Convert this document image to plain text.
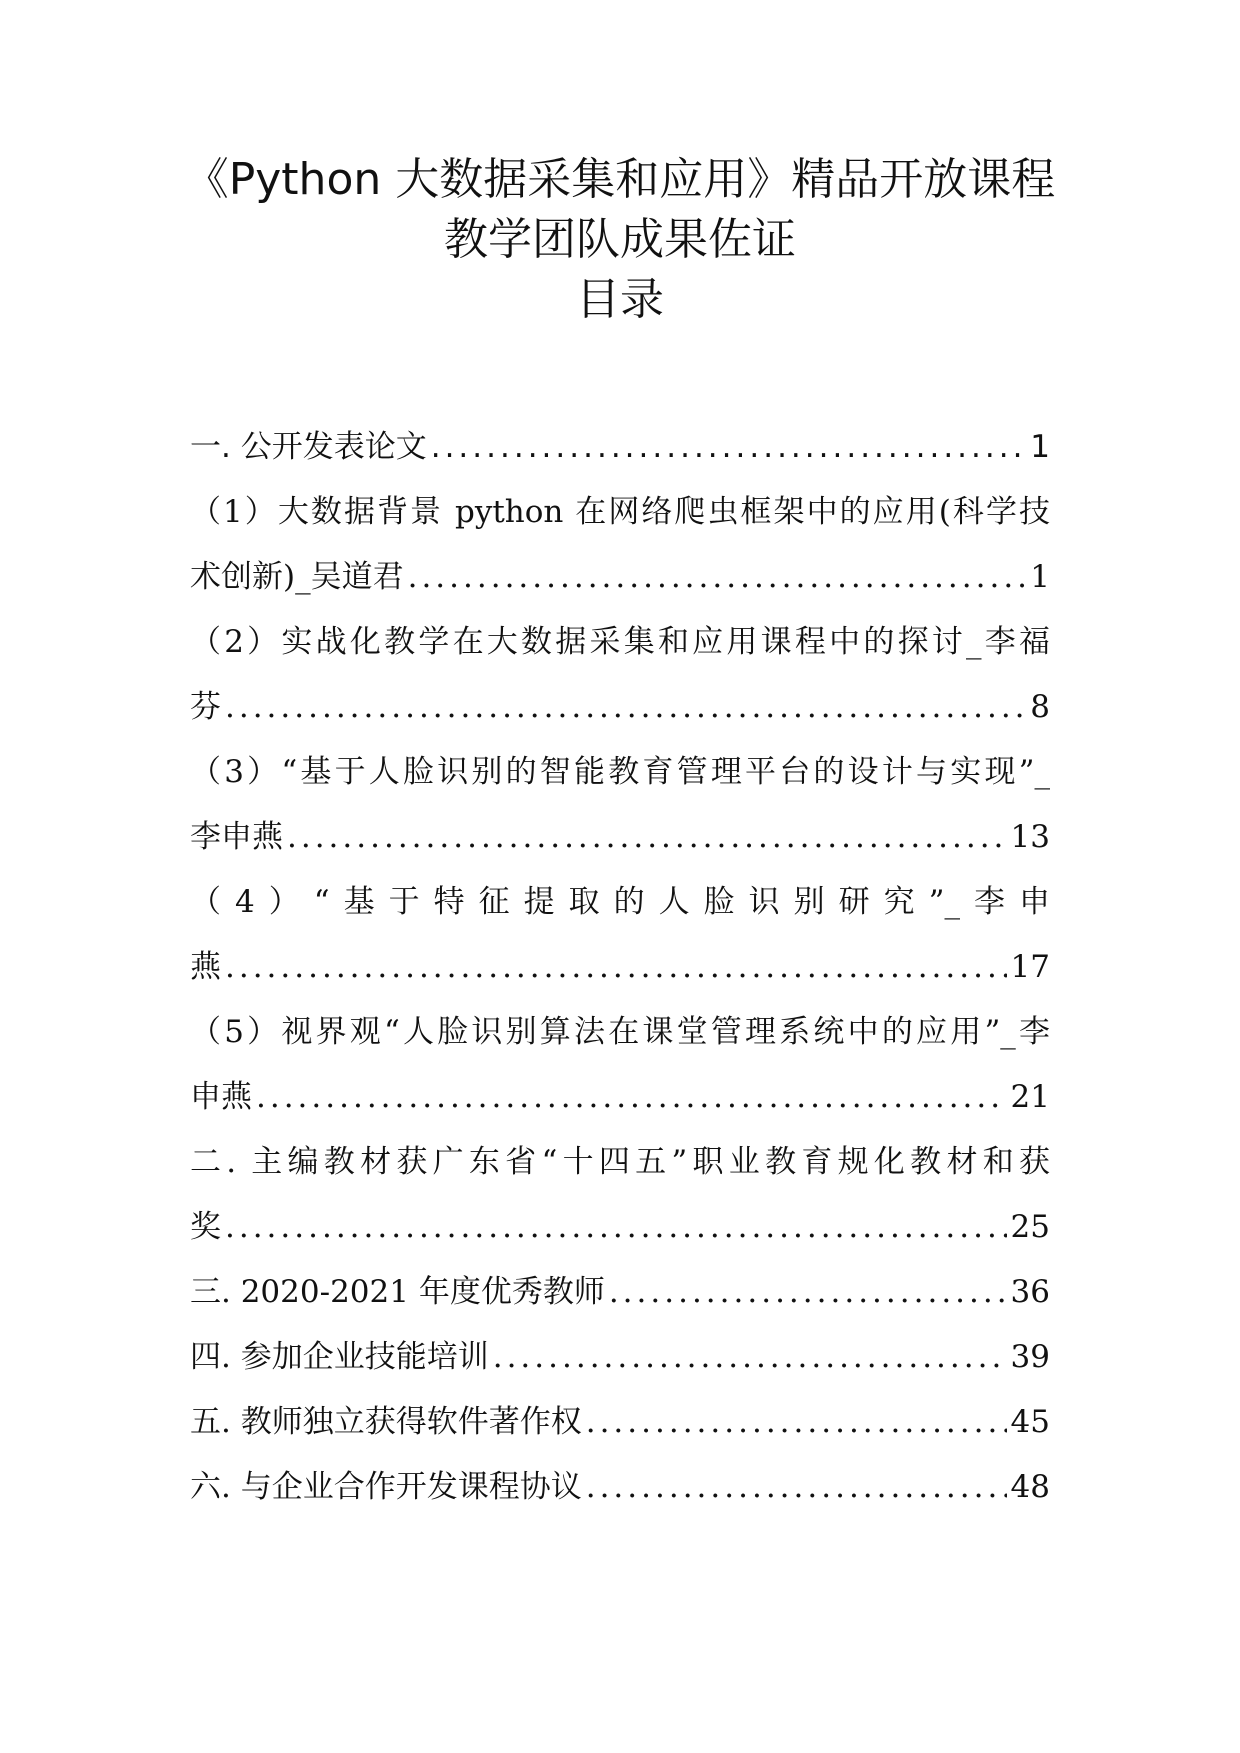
《Python 大数据采集和应用》精品开放课程
教学团队成果佐证
目录
一. 公开发表论文 .....	1
（1）大数据背景 python 在网络爬虫框架中的应用(科学技
术创新)_吴道君 .....	1
（2）实战化教学在大数据采集和应用课程中的探讨_李福
芬 .....	8
（3）“基于人脸识别的智能教育管理平台的设计与实现”_
李申燕 .....	13
（4）“基于特征提取的人脸识别研究”_李申
燕 .....	17
（5）视界观“人脸识别算法在课堂管理系统中的应用”_李
申燕 .....	21
二. 主编教材获广东省“十四五”职业教育规化教材和获
奖 .....	25
三. 2020-2021 年度优秀教师 .....	36
四. 参加企业技能培训 .....	39
五. 教师独立获得软件著作权 .....	45
六. 与企业合作开发课程协议 .....	48
